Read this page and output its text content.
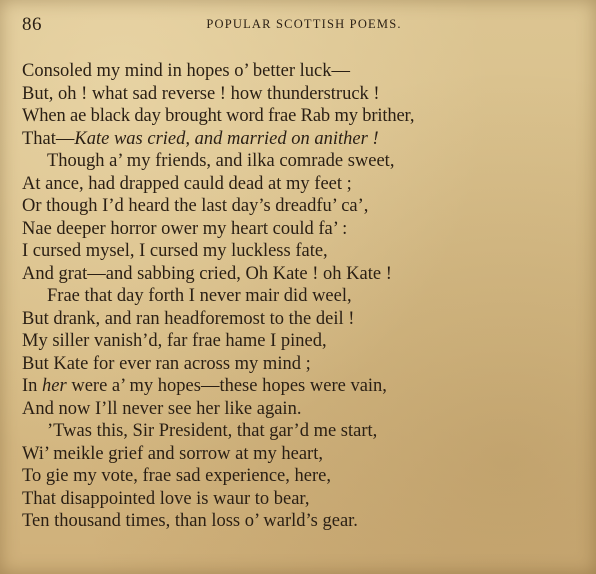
86	POPULAR SCOTTISH POEMS.
Consoled my mind in hopes o’ better luck—
But, oh ! what sad reverse ! how thunderstruck !
When ae black day brought word frae Rab my brither,
That—Kate was cried, and married on anither !
Though a’ my friends, and ilka comrade sweet,
At ance, had drapped cauld dead at my feet ;
Or though I’d heard the last day’s dreadfu’ ca’,
Nae deeper horror ower my heart could fa’ :
I cursed mysel, I cursed my luckless fate,
And grat—and sabbing cried, Oh Kate ! oh Kate !
Frae that day forth I never mair did weel,
But drank, and ran headforemost to the deil !
My siller vanish’d, far frae hame I pined,
But Kate for ever ran across my mind ;
In her were a’ my hopes—these hopes were vain,
And now I’ll never see her like again.
’Twas this, Sir President, that gar’d me start,
Wi’ meikle grief and sorrow at my heart,
To gie my vote, frae sad experience, here,
That disappointed love is waur to bear,
Ten thousand times, than loss o’ warld’s gear.
